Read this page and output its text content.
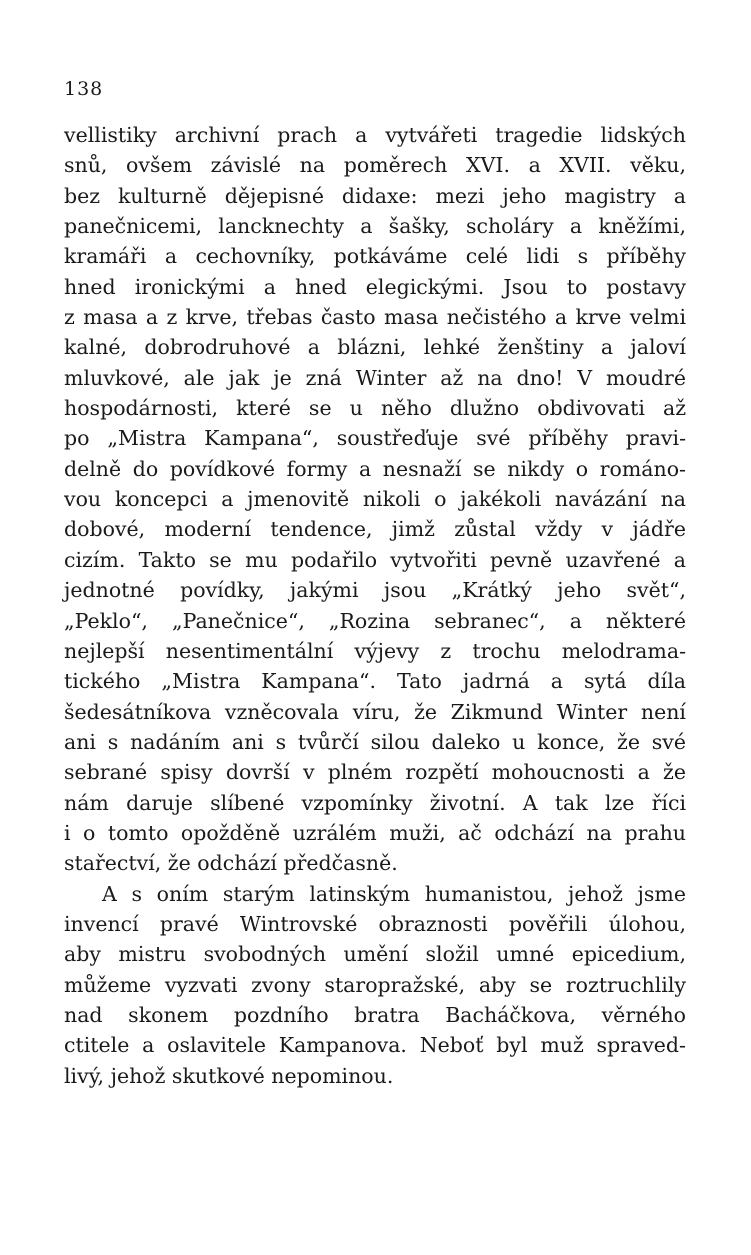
138
vellistiky archivní prach a vytvářeti tragedie lidských
snů, ovšem závislé na poměrech XVI. a XVII. věku,
bez kulturně dějepisné didaxe: mezi jeho magistry a
panečnicemi, lancknechty a šašky, scholáry a kněžími,
kramáři a cechovníky, potkáváme celé lidi s příběhy
hned ironickými a hned elegickými. Jsou to postavy
z masa a z krve, třebas často masa nečistého a krve velmi
kalné, dobrodruhové a blázni, lehké ženštiny a jaloví
mluvkové, ale jak je zná Winter až na dno! V moudré
hospodárnosti, které se u něho dlužno obdivovati až
po „Mistra Kampana“, soustřeďuje své příběhy pravi-
delně do povídkové formy a nesnaží se nikdy o románo-
vou koncepci a jmenovitě nikoli o jakékoli navázání na
dobové, moderní tendence, jimž zůstal vždy v jádře
cizím. Takto se mu podařilo vytvořiti pevně uzavřené a
jednotné povídky, jakými jsou „Krátký jeho svět“,
„Peklo“, „Panečnice“, „Rozina sebranec“, a některé
nejlepší nesentimentální výjevy z trochu melodrama-
tického „Mistra Kampana“. Tato jadrná a sytá díla
šedesátníkova vzněcovala víru, že Zikmund Winter není
ani s nadáním ani s tvůrčí silou daleko u konce, že své
sebrané spisy dovrší v plném rozpětí mohoucnosti a že
nám daruje slíbené vzpomínky životní. A tak lze říci
i o tomto opožděně uzrálém muži, ač odchází na prahu
stařectví, že odchází předčasně.
A s oním starým latinským humanistou, jehož jsme
invencí pravé Wintrovské obraznosti pověřili úlohou,
aby mistru svobodných umění složil umné epicedium,
můžeme vyzvati zvony staropražské, aby se roztruchlily
nad skonem pozdního bratra Bacháčkova, věrného
ctitele a oslavitele Kampanova. Neboť byl muž spraved-
livý, jehož skutkové nepominou.
